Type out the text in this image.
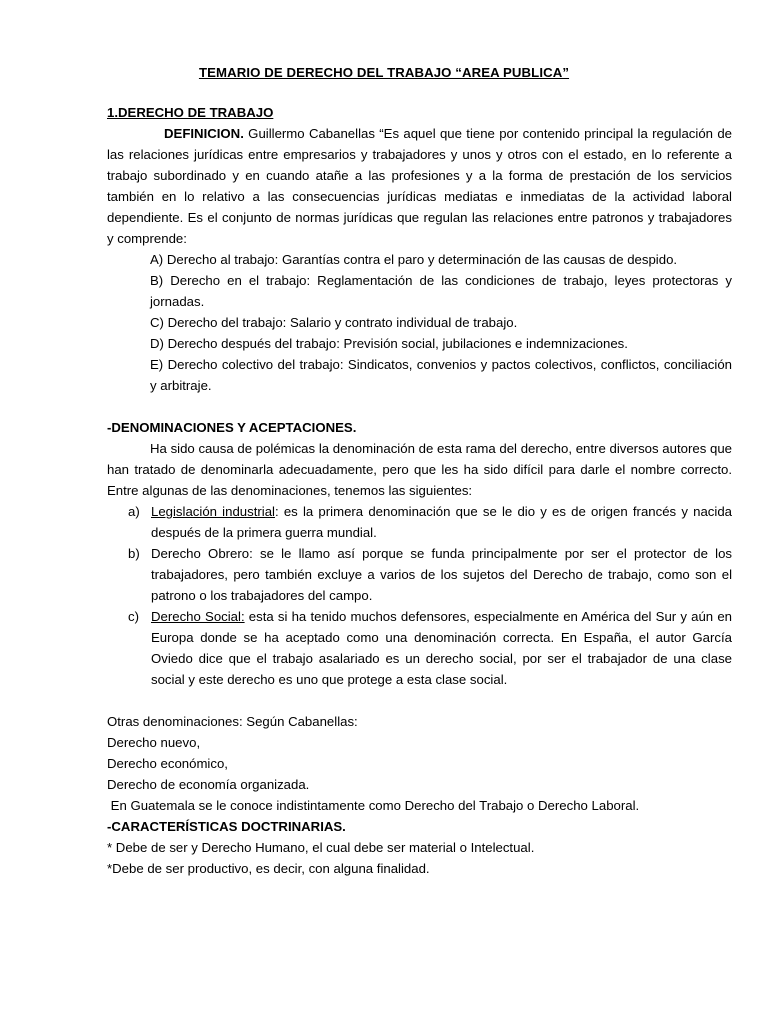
TEMARIO DE DERECHO DEL TRABAJO “AREA PUBLICA”

1.DERECHO DE TRABAJO

DEFINICION. Guillermo Cabanellas “Es aquel que tiene por contenido principal la regulación de las relaciones jurídicas entre empresarios y trabajadores y unos y otros con el estado, en lo referente a trabajo subordinado y en cuando atañe a las profesiones y a la forma de prestación de los servicios también en lo relativo a las consecuencias jurídicas mediatas e inmediatas de la actividad laboral dependiente. Es el conjunto de normas jurídicas que regulan las relaciones entre patronos y trabajadores y comprende:

A) Derecho al trabajo: Garantías contra el paro y determinación de las causas de despido.

B) Derecho en el trabajo: Reglamentación de las condiciones de trabajo, leyes protectoras y jornadas.

C) Derecho del trabajo: Salario y contrato individual de trabajo.

D) Derecho después del trabajo: Previsión social, jubilaciones e indemnizaciones.

E) Derecho colectivo del trabajo: Sindicatos, convenios y pactos colectivos, conflictos, conciliación y arbitraje.

-DENOMINACIONES Y ACEPTACIONES.

Ha sido causa de polémicas la denominación de esta rama del derecho, entre diversos autores que han tratado de denominarla adecuadamente, pero que les ha sido difícil para darle el nombre correcto. Entre algunas de las denominaciones, tenemos las siguientes:

a) Legislación industrial: es la primera denominación que se le dio y es de origen francés y nacida después de la primera guerra mundial.
b) Derecho Obrero: se le llamo así porque se funda principalmente por ser el protector de los trabajadores, pero también excluye a varios de los sujetos del Derecho de trabajo, como son el patrono o los trabajadores del campo.
c) Derecho Social: esta si ha tenido muchos defensores, especialmente en América del Sur y aún en Europa donde se ha aceptado como una denominación correcta. En España, el autor García Oviedo dice que el trabajo asalariado es un derecho social, por ser el trabajador de una clase social y este derecho es uno que protege a esta clase social.

Otras denominaciones: Según Cabanellas:

Derecho nuevo,

Derecho económico,

Derecho de economía organizada.

En Guatemala se le conoce indistintamente como Derecho del Trabajo o Derecho Laboral.

-CARACTERÍSTICAS DOCTRINARIAS.

* Debe de ser y Derecho Humano, el cual debe ser material o Intelectual.

*Debe de ser productivo, es decir, con alguna finalidad.
